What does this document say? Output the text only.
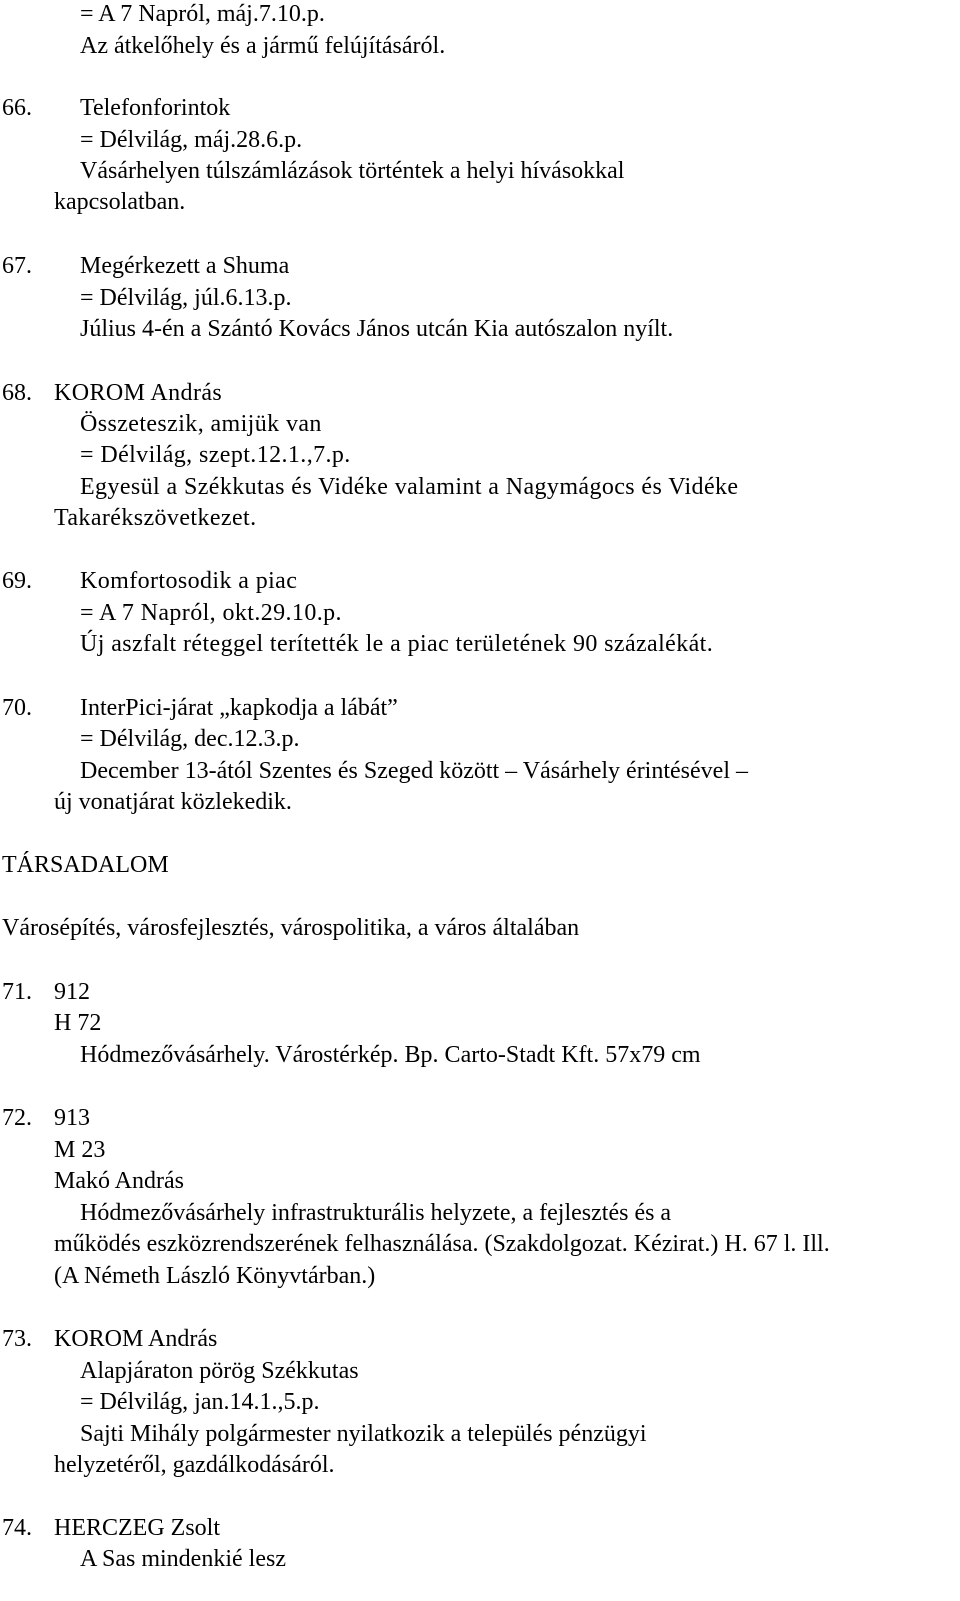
= A 7 Napról, máj.7.10.p.
Az átkelőhely és a jármű felújításáról.
66. Telefonforintok
= Délvilág, máj.28.6.p.
Vásárhelyen túlszámlázások történtek a helyi hívásokkal
kapcsolatban.
67. Megérkezett a Shuma
= Délvilág, júl.6.13.p.
Július 4-én a Szántó Kovács János utcán Kia autószalon nyílt.
68. KOROM András
Összeteszik, amijük van
= Délvilág, szept.12.1.,7.p.
Egyesül a Székkutas és Vidéke valamint a Nagymágocs és Vidéke
Takarékszövetkezet.
69. Komfortosodik a piac
= A 7 Napról, okt.29.10.p.
Új aszfalt réteggel terítették le a piac területének 90 százalékát.
70. InterPici-járat „kapkodja a lábát”
= Délvilág, dec.12.3.p.
December 13-ától Szentes és Szeged között – Vásárhely érintésével –
új vonatjárat közlekedik.
TÁRSADALOM
Városépítés, városfejlesztés, várospolitika, a város általában
71. 912
H 72
Hódmezővásárhely. Várostérkép. Bp. Carto-Stadt Kft. 57x79 cm
72. 913
M 23
Makó András
Hódmezővásárhely infrastrukturális helyzete, a fejlesztés és a
működés eszközrendszerének felhasználása. (Szakdolgozat. Kézirat.) H. 67 l. Ill.
(A Németh László Könyvtárban.)
73. KOROM András
Alapjáraton pörög Székkutas
= Délvilág, jan.14.1.,5.p.
Sajti Mihály polgármester nyilatkozik a település pénzügyi
helyzetéről, gazdálkodásáról.
74. HERCZEG Zsolt
A Sas mindenkié lesz
